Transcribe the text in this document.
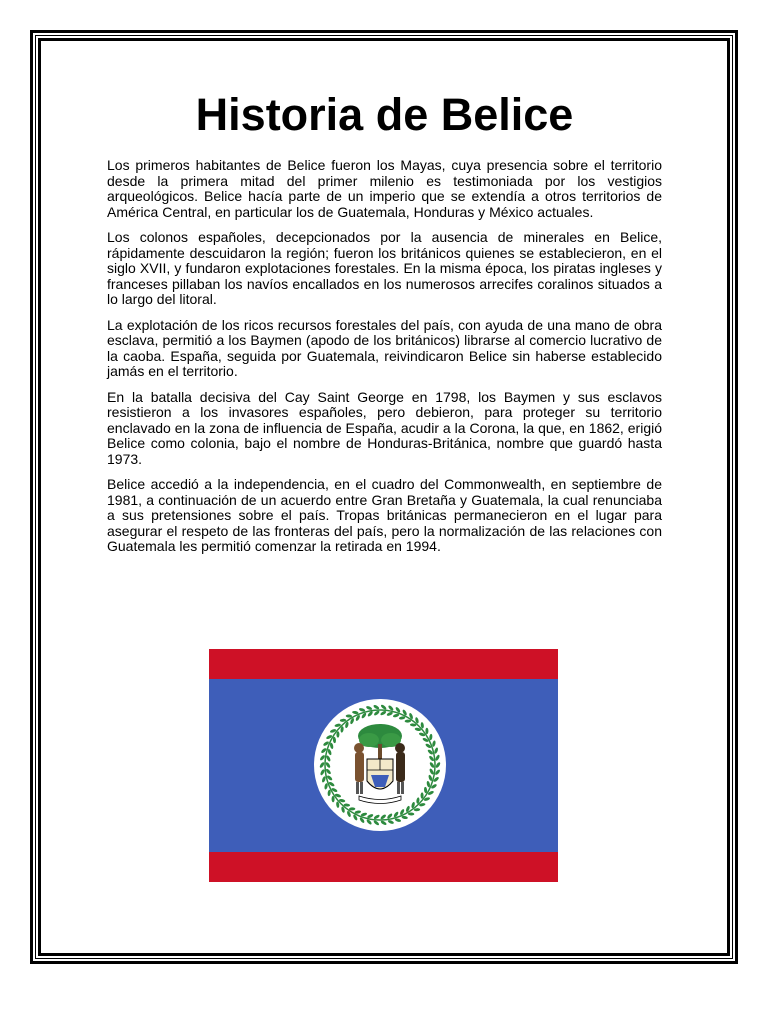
Historia de Belice

Los primeros habitantes de Belice fueron los Mayas, cuya presencia sobre el territorio desde la primera mitad del primer milenio es testimoniada por los vestigios arqueológicos. Belice hacía parte de un imperio que se extendía a otros territorios de América Central, en particular los de Guatemala, Honduras y México actuales.

Los colonos españoles, decepcionados por la ausencia de minerales en Belice, rápidamente descuidaron la región; fueron los británicos quienes se establecieron, en el siglo XVII, y fundaron explotaciones forestales. En la misma época, los piratas ingleses y franceses pillaban los navíos encallados en los numerosos arrecifes coralinos situados a lo largo del litoral.

La explotación de los ricos recursos forestales del país, con ayuda de una mano de obra esclava, permitió a los Baymen (apodo de los británicos) librarse al comercio lucrativo de la caoba. España, seguida por Guatemala, reivindicaron Belice sin haberse establecido jamás en el territorio.

En la batalla decisiva del Cay Saint George en 1798, los Baymen y sus esclavos resistieron a los invasores españoles, pero debieron, para proteger su territorio enclavado en la zona de influencia de España, acudir a la Corona, la que, en 1862, erigió Belice como colonia, bajo el nombre de Honduras-Británica, nombre que guardó hasta 1973.

Belice accedió a la independencia, en el cuadro del Commonwealth, en septiembre de 1981, a continuación de un acuerdo entre Gran Bretaña y Guatemala, la cual renunciaba a sus pretensiones sobre el país. Tropas británicas permanecieron en el lugar para asegurar el respeto de las fronteras del país, pero la normalización de las relaciones con Guatemala les permitió comenzar la retirada en 1994.
